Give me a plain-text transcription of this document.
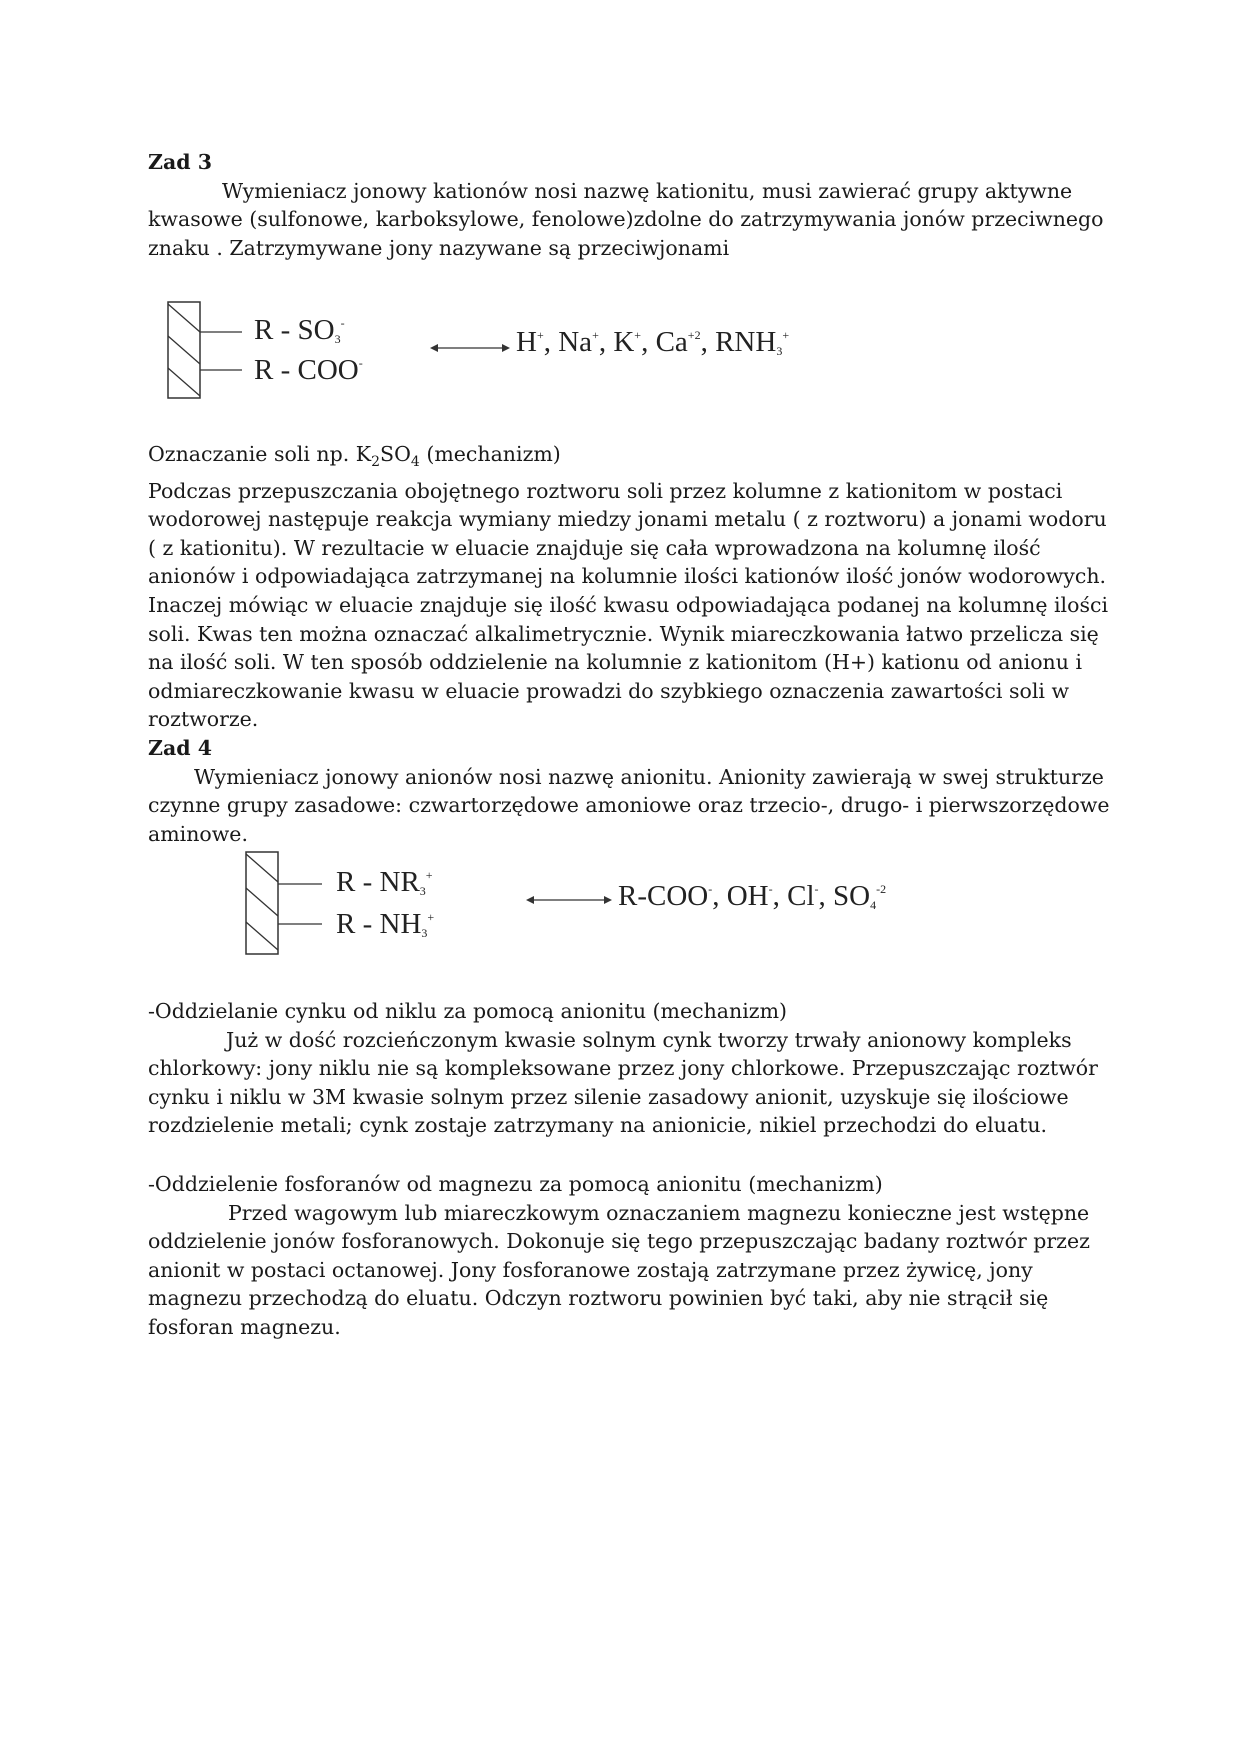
Zad 3
Wymieniacz jonowy kationów nosi nazwę kationitu, musi zawierać grupy aktywne
kwasowe (sulfonowe, karboksylowe, fenolowe)zdolne do zatrzymywania jonów przeciwnego
znaku . Zatrzymywane jony nazywane są przeciwjonami
R - $SO_3^-$
R - COO-
H+, Na+, K+, $Ca^{+2}$, $RNH_3^+$
Oznaczanie soli np. $K_2SO_4$ (mechanizm)
Podczas przepuszczania obojętnego roztworu soli przez kolumne z kationitom w postaci
wodorowej następuje reakcja wymiany miedzy jonami metalu ( z roztworu) a jonami wodoru
( z kationitu). W rezultacie w eluacie znajduje się cała wprowadzona na kolumnę ilość
anionów i odpowiadająca zatrzymanej na kolumnie ilości kationów ilość jonów wodorowych.
Inaczej mówiąc w eluacie znajduje się ilość kwasu odpowiadająca podanej na kolumnę ilości
soli. Kwas ten można oznaczać alkalimetrycznie. Wynik miareczkowania łatwo przelicza się
na ilość soli. W ten sposób oddzielenie na kolumnie z kationitom (H+) kationu od anionu i
odmiareczkowanie kwasu w eluacie prowadzi do szybkiego oznaczenia zawartości soli w
roztworze.
Zad 4
Wymieniacz jonowy anionów nosi nazwę anionitu. Anionity zawierają w swej strukturze
czynne grupy zasadowe: czwartorzędowe amoniowe oraz trzecio-, drugo- i pierwszorzędowe
aminowe.
R - $NR_3^+$
R - $NH_3^+$
R-COO-, OH-, Cl-, $SO_4^{-2}$
-Oddzielanie cynku od niklu za pomocą anionitu (mechanizm)
Już w dość rozcieńczonym kwasie solnym cynk tworzy trwały anionowy kompleks
chlorkowy: jony niklu nie są kompleksowane przez jony chlorkowe. Przepuszczając roztwór
cynku i niklu w 3M kwasie solnym przez silenie zasadowy anionit, uzyskuje się ilościowe
rozdzielenie metali; cynk zostaje zatrzymany na anionicie, nikiel przechodzi do eluatu.
-Oddzielenie fosforanów od magnezu za pomocą anionitu (mechanizm)
Przed wagowym lub miareczkowym oznaczaniem magnezu konieczne jest wstępne
oddzielenie jonów fosforanowych. Dokonuje się tego przepuszczając badany roztwór przez
anionit w postaci octanowej. Jony fosforanowe zostają zatrzymane przez żywicę, jony
magnezu przechodzą do eluatu. Odczyn roztworu powinien być taki, aby nie strącił się
fosforan magnezu.
